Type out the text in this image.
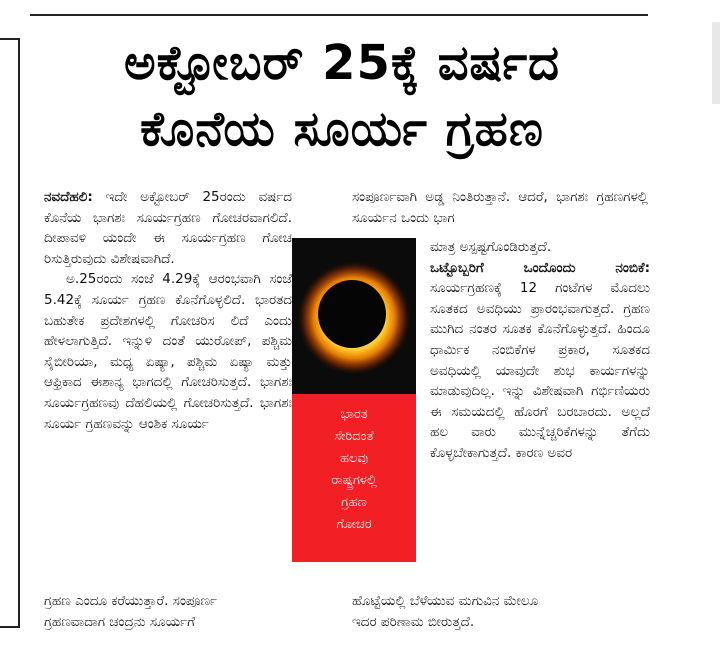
ಅಕ್ಟೋಬರ್ 25ಕ್ಕೆ ವರ್ಷದ
ಕೊನೆಯ ಸೂರ್ಯ ಗ್ರಹಣ

ನವದೆಹಲಿ: ಇದೇ ಅಕ್ಟೋಬರ್ 25ರಂದು ವರ್ಷದ ಕೊನೆಯ ಭಾಗಶಃ ಸೂರ್ಯಗ್ರಹಣ ಗೋಚರವಾಗಲಿದೆ. ದೀಪಾವಳಿ ಯಂದೇ ಈ ಸೂರ್ಯಗ್ರಹಣ ಗೋಚ ರಿಸುತ್ತಿರುವುದು ವಿಶೇಷವಾಗಿದೆ.

ಅ.25ರಂದು ಸಂಜೆ 4.29ಕ್ಕೆ ಆರಂಭವಾಗಿ ಸಂಜೆ 5.42ಕ್ಕೆ ಸೂರ್ಯ ಗ್ರಹಣ ಕೊನೆಗೊಳ್ಳಲಿದೆ. ಭಾರತದ ಬಹುತೇಕ ಪ್ರದೇಶಗಳಲ್ಲಿ ಗೋಚರಿಸ ಲಿದೆ ಎಂದು ಹೇಳಲಾಗುತ್ತಿದೆ. ಇನ್ನುಳಿ ದಂತೆ ಯುರೋಪ್, ಪಶ್ಚಿಮ ಸೈಬೀರಿಯಾ, ಮಧ್ಯ ಏಷ್ಯಾ, ಪಶ್ಚಿಮ ಏಷ್ಯಾ ಮತ್ತು ಆಫ್ರಿಕಾದ ಈಶಾನ್ಯ ಭಾಗದಲ್ಲಿ ಗೋಚರಿಸುತ್ತದೆ. ಭಾಗಶಃ ಸೂರ್ಯಗ್ರಹಣವು ದೆಹಲಿಯಲ್ಲಿ ಗೋಚರಿಸುತ್ತದೆ. ಭಾಗಶಃ ಸೂರ್ಯ ಗ್ರಹಣವನ್ನು ಆಂಶಿಕ ಸೂರ್ಯ

ಗ್ರಹಣ ಎಂದೂ ಕರೆಯುತ್ತಾರೆ. ಸಂಪೂರ್ಣ
ಗ್ರಹಣವಾದಾಗ ಚಂದ್ರನು ಸೂರ್ಯಗೆ

ಸಂಪೂರ್ಣವಾಗಿ ಅಡ್ಡ ನಿಂತಿರುತ್ತಾನೆ. ಆದರೆ, ಭಾಗಶಃ ಗ್ರಹಣಗಳಲ್ಲಿ ಸೂರ್ಯನ ಒಂದು ಭಾಗ

ಮಾತ್ರ ಅಸ್ಪಷ್ಟಗೊಂಡಿರುತ್ತದೆ.

ಒಟ್ಟೊಬ್ಬರಿಗೆ ಒಂದೊಂದು ನಂಬಿಕೆ: ಸೂರ್ಯಗ್ರಹಣಕ್ಕೆ 12 ಗಂಟೆಗಳ ಮೊದಲು ಸೂತಕದ ಅವಧಿಯು ಪ್ರಾರಂಭವಾಗುತ್ತದೆ. ಗ್ರಹಣ ಮುಗಿದ ನಂತರ ಸೂತಕ ಕೊನೆಗೊಳ್ಳುತ್ತದೆ. ಹಿಂದೂ ಧಾರ್ಮಿಕ ನಂಬಿಕೆಗಳ ಪ್ರಕಾರ, ಸೂತಕದ ಅವಧಿಯಲ್ಲಿ ಯಾವುದೇ ಶುಭ ಕಾರ್ಯಗಳನ್ನು ಮಾಡುವುದಿಲ್ಲ. ಇನ್ನು ವಿಶೇಷವಾಗಿ ಗರ್ಭಿಣಿಯರು ಈ ಸಮಯದಲ್ಲಿ ಹೊರಗೆ ಬರಬಾರದು. ಅಲ್ಲದೆ ಹಲ ವಾರು ಮುನ್ನೆಚ್ಚರಿಕೆಗಳನ್ನು ತೆಗೆದು ಕೊಳ್ಳಬೇಕಾಗುತ್ತದೆ. ಕಾರಣ ಅವರ

ಹೊಟ್ಟೆಯಲ್ಲಿ ಬೆಳೆಯುವ ಮಗುವಿನ ಮೇಲೂ
ಇದರ ಪರಿಣಾಮ ಬೀರುತ್ತದೆ.
ಭಾರತ
ಸೇರಿದಂತೆ
ಹಲವು
ರಾಷ್ಟ್ರಗಳಲ್ಲಿ
ಗ್ರಹಣ
ಗೋಚರ
